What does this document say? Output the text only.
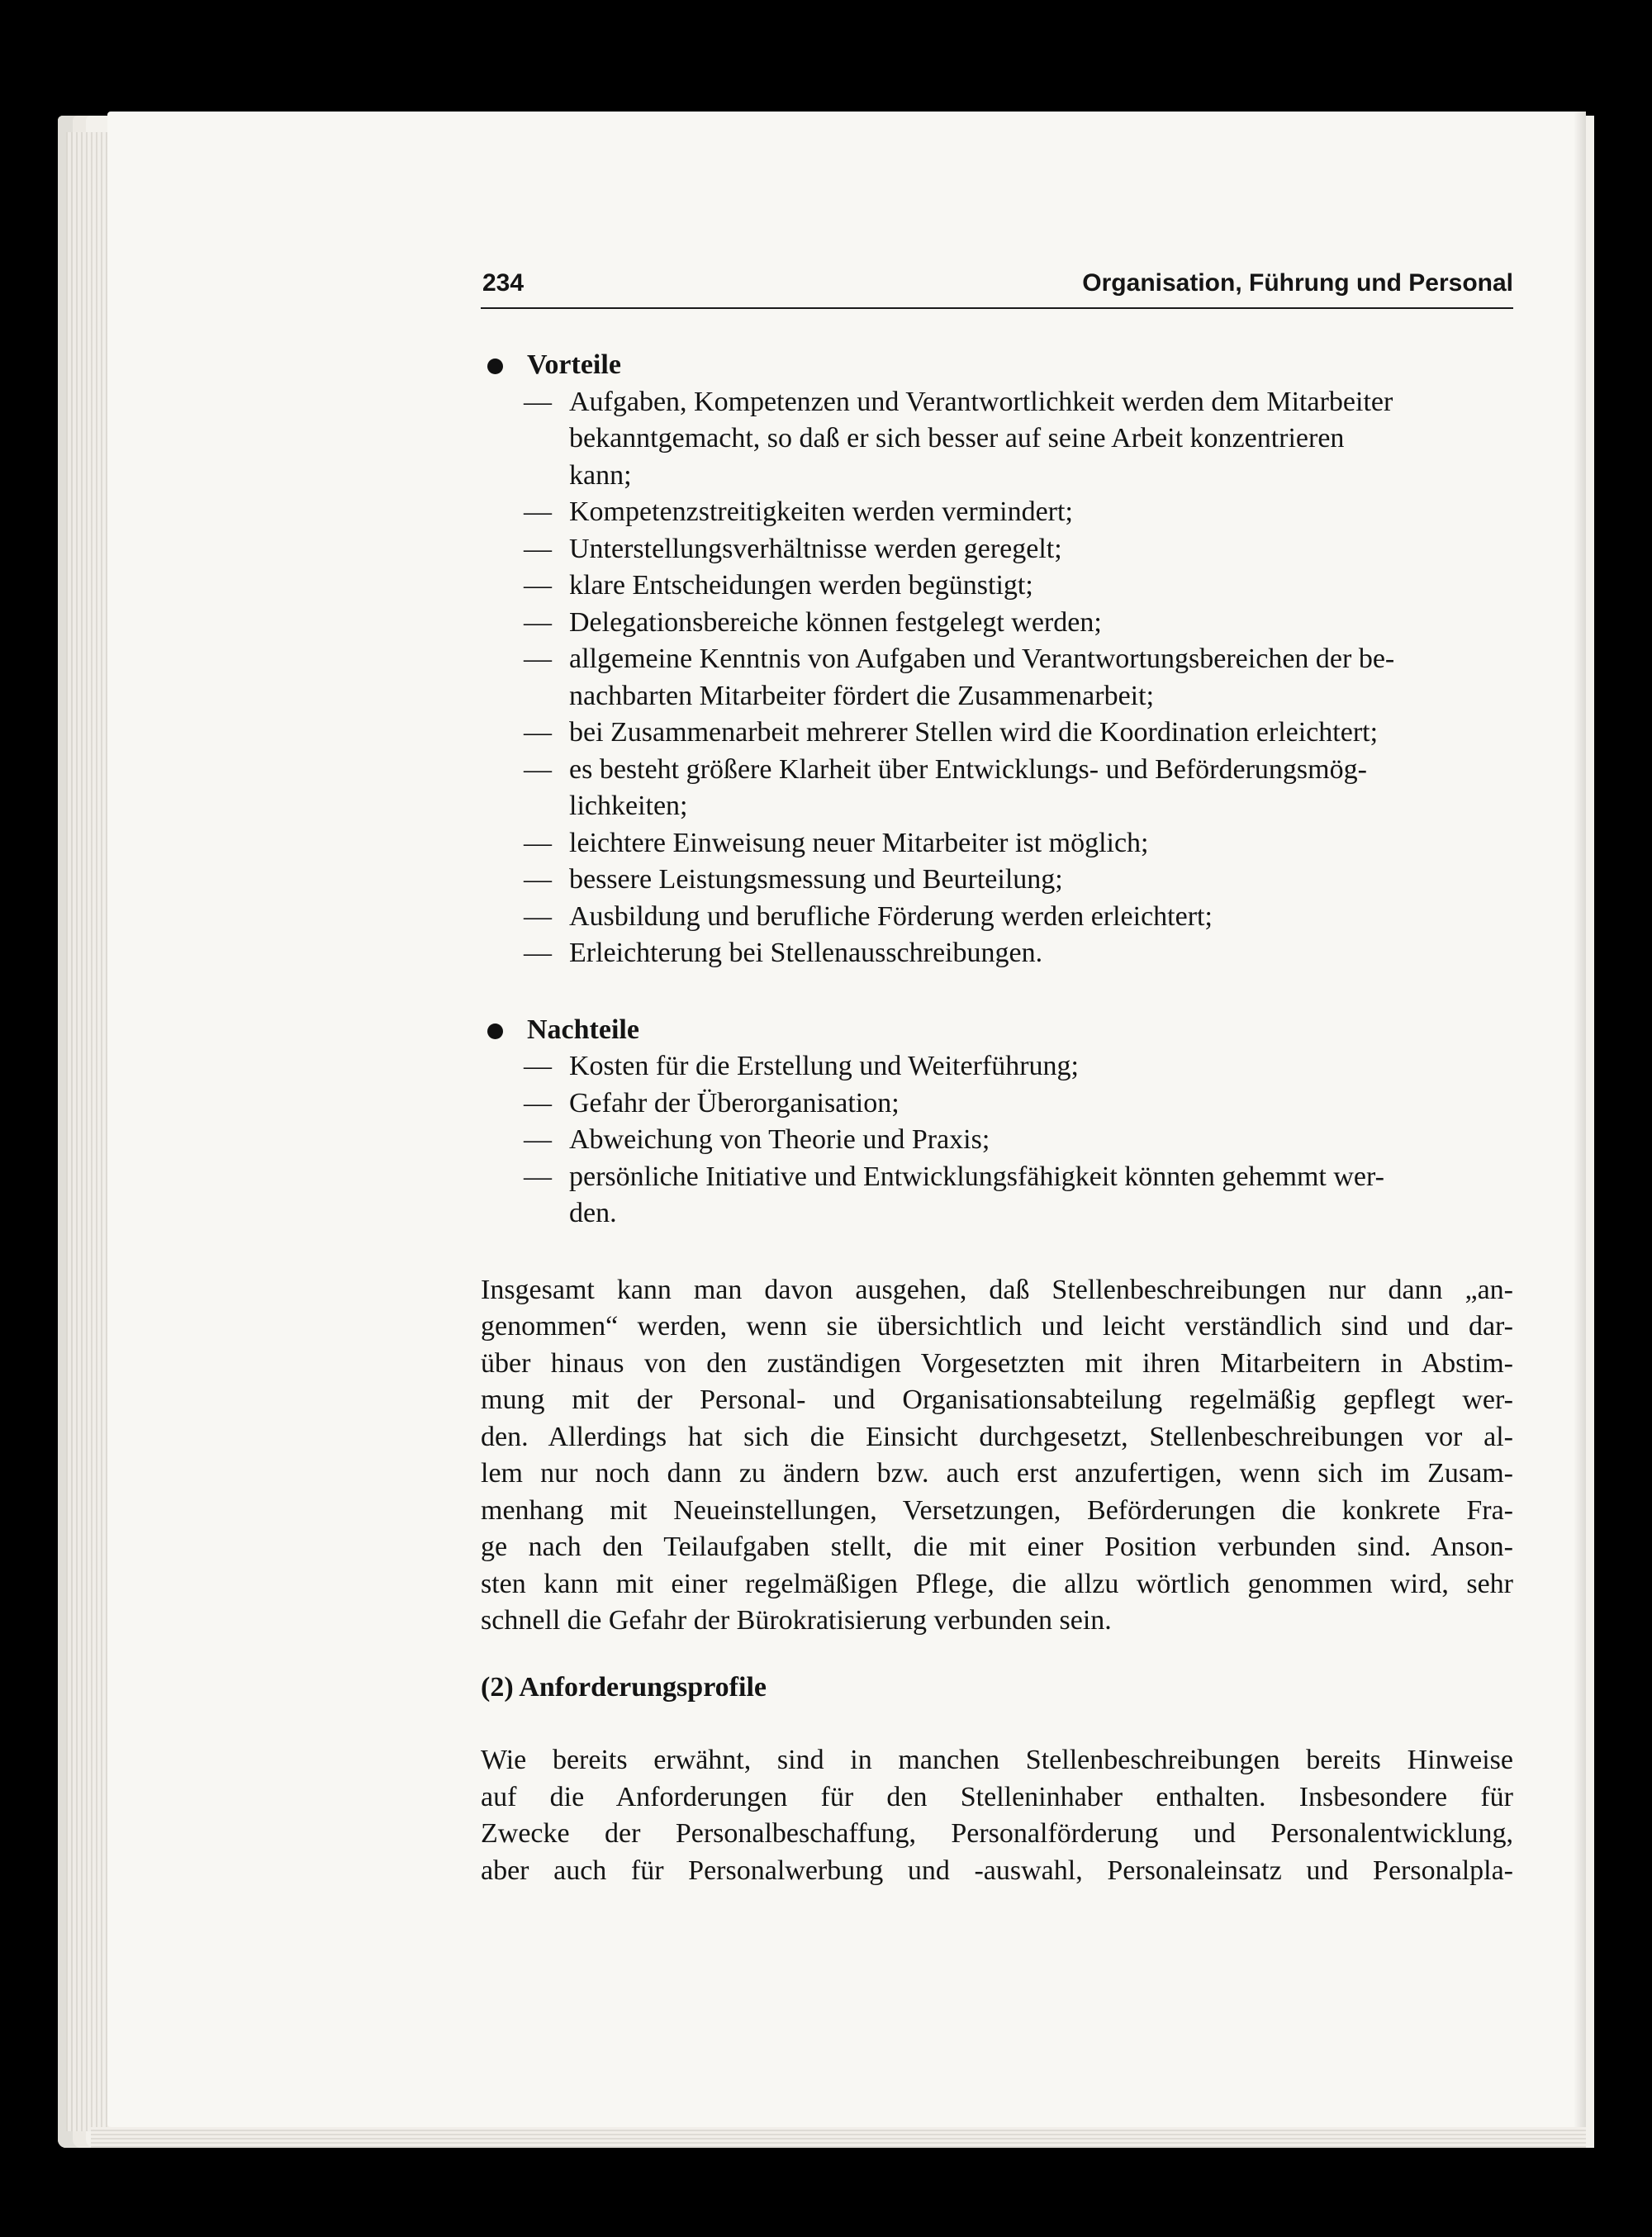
234	Organisation, Führung und Personal
Vorteile
— Aufgaben, Kompetenzen und Verantwortlichkeit werden dem Mitarbeiter
bekanntgemacht, so daß er sich besser auf seine Arbeit konzentrieren
kann;
— Kompetenzstreitigkeiten werden vermindert;
— Unterstellungsverhältnisse werden geregelt;
— klare Entscheidungen werden begünstigt;
— Delegationsbereiche können festgelegt werden;
— allgemeine Kenntnis von Aufgaben und Verantwortungsbereichen der be-
nachbarten Mitarbeiter fördert die Zusammenarbeit;
— bei Zusammenarbeit mehrerer Stellen wird die Koordination erleichtert;
— es besteht größere Klarheit über Entwicklungs- und Beförderungsmög-
lichkeiten;
— leichtere Einweisung neuer Mitarbeiter ist möglich;
— bessere Leistungsmessung und Beurteilung;
— Ausbildung und berufliche Förderung werden erleichtert;
— Erleichterung bei Stellenausschreibungen.
Nachteile
— Kosten für die Erstellung und Weiterführung;
— Gefahr der Überorganisation;
— Abweichung von Theorie und Praxis;
— persönliche Initiative und Entwicklungsfähigkeit könnten gehemmt wer-
den.
Insgesamt kann man davon ausgehen, daß Stellenbeschreibungen nur dann „an-
genommen“ werden, wenn sie übersichtlich und leicht verständlich sind und dar-
über hinaus von den zuständigen Vorgesetzten mit ihren Mitarbeitern in Abstim-
mung mit der Personal- und Organisationsabteilung regelmäßig gepflegt wer-
den. Allerdings hat sich die Einsicht durchgesetzt, Stellenbeschreibungen vor al-
lem nur noch dann zu ändern bzw. auch erst anzufertigen, wenn sich im Zusam-
menhang mit Neueinstellungen, Versetzungen, Beförderungen die konkrete Fra-
ge nach den Teilaufgaben stellt, die mit einer Position verbunden sind. Anson-
sten kann mit einer regelmäßigen Pflege, die allzu wörtlich genommen wird, sehr
schnell die Gefahr der Bürokratisierung verbunden sein.
(2) Anforderungsprofile
Wie bereits erwähnt, sind in manchen Stellenbeschreibungen bereits Hinweise
auf die Anforderungen für den Stelleninhaber enthalten. Insbesondere für
Zwecke der Personalbeschaffung, Personalförderung und Personalentwicklung,
aber auch für Personalwerbung und -auswahl, Personaleinsatz und Personalpla-
